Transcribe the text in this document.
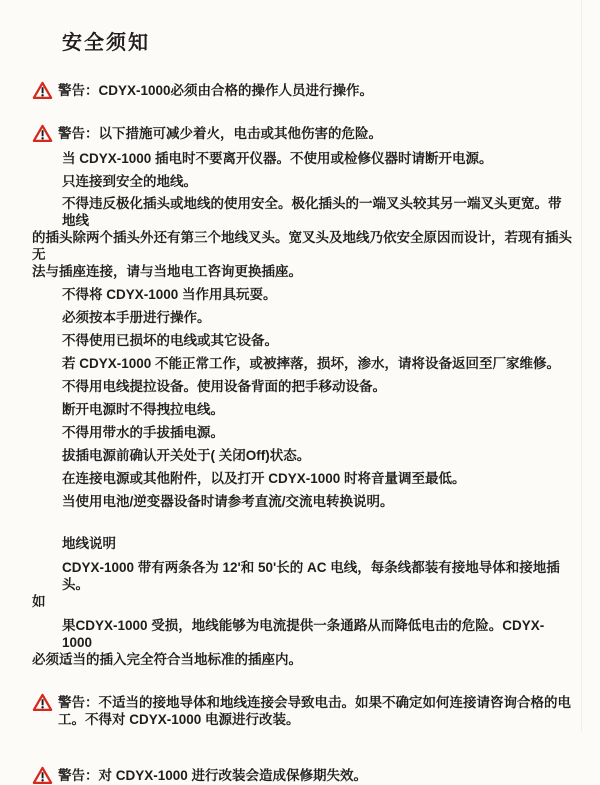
安全须知
警告：CDYX-1000必须由合格的操作人员进行操作。
警告：以下措施可减少着火，电击或其他伤害的危险。
当 CDYX-1000 插电时不要离开仪器。不使用或检修仪器时请断开电源。
只连接到安全的地线。
不得违反极化插头或地线的使用安全。极化插头的一端叉头较其另一端叉头更宽。带地线
的插头除两个插头外还有第三个地线叉头。宽叉头及地线乃依安全原因而设计，若现有插头无
法与插座连接，请与当地电工咨询更换插座。
不得将 CDYX-1000 当作用具玩耍。
必须按本手册进行操作。
不得使用已损坏的电线或其它设备。
若 CDYX-1000 不能正常工作，或被摔落，损坏，渗水，请将设备返回至厂家维修。
不得用电线提拉设备。使用设备背面的把手移动设备。
断开电源时不得拽拉电线。
不得用带水的手拔插电源。
拔插电源前确认开关处于( 关闭Off)状态。
在连接电源或其他附件，以及打开 CDYX-1000 时将音量调至最低。
当使用电池/逆变器设备时请参考直流/交流电转换说明。
地线说明
CDYX-1000 带有两条各为 12'和 50'长的 AC 电线，每条线都装有接地导体和接地插头。
如
果CDYX-1000 受损，地线能够为电流提供一条通路从而降低电击的危险。CDYX-1000
必须适当的插入完全符合当地标准的插座内。
警告：不适当的接地导体和地线连接会导致电击。如果不确定如何连接请咨询合格的电
工。不得对 CDYX-1000 电源进行改装。
警告：对 CDYX-1000 进行改装会造成保修期失效。
